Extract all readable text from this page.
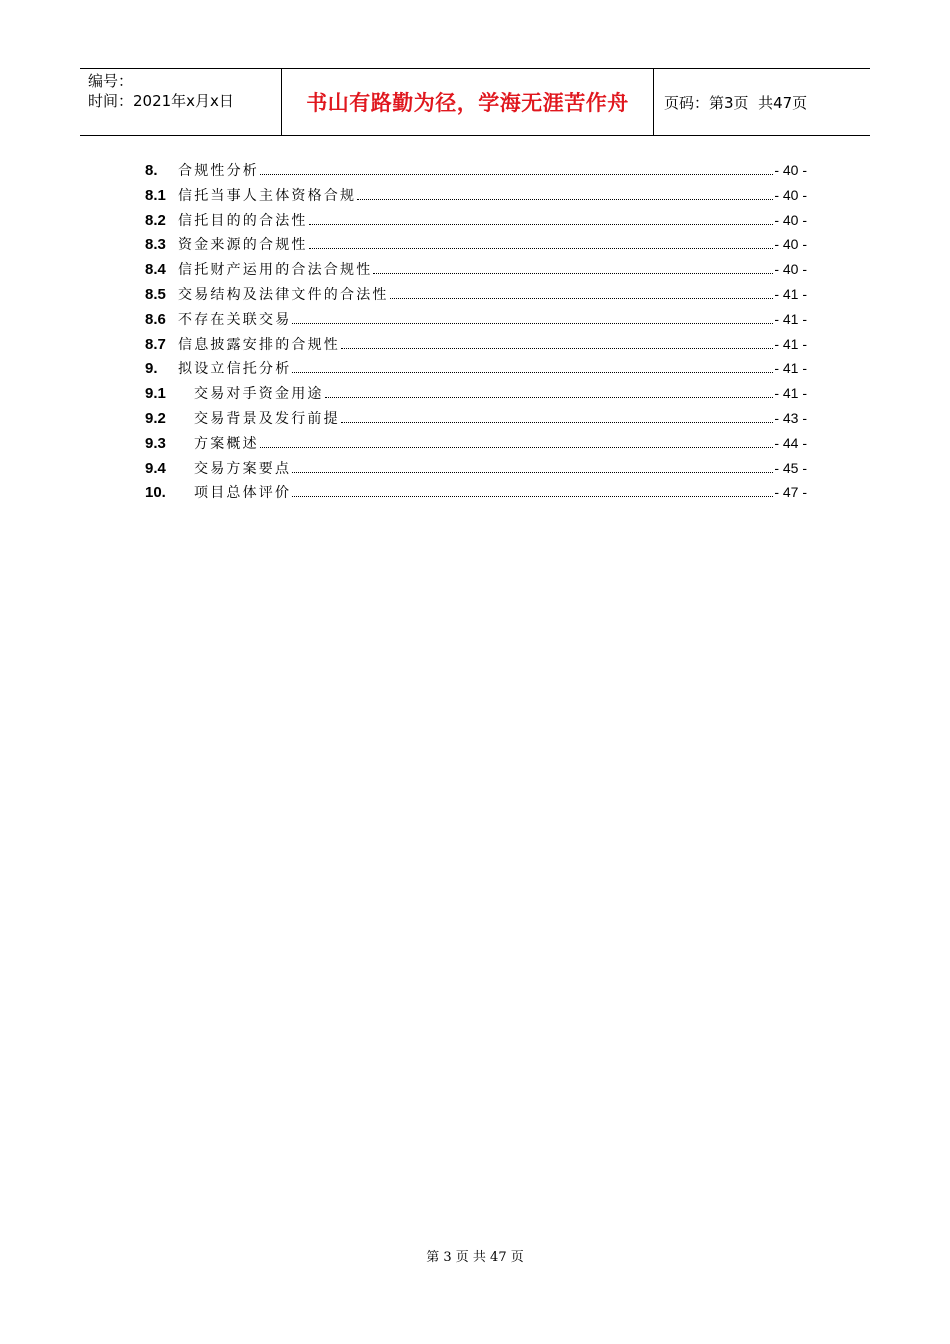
编号：
时间：2021年x月x日	书山有路勤为径，学海无涯苦作舟 页码：第3页  共47页
8.	合规性分析	- 40 -
8.1 信托当事人主体资格合规	- 40 -
8.2 信托目的的合法性	- 40 -
8.3 资金来源的合规性	- 40 -
8.4 信托财产运用的合法合规性	- 40 -
8.5 交易结构及法律文件的合法性	- 41 -
8.6 不存在关联交易	- 41 -
8.7 信息披露安排的合规性	- 41 -
9.	拟设立信托分析	- 41 -
9.1	交易对手资金用途	- 41 -
9.2	交易背景及发行前提	- 43 -
9.3	方案概述	- 44 -
9.4	交易方案要点	- 45 -
10.	项目总体评价	- 47 -
第 3 页 共 47 页
